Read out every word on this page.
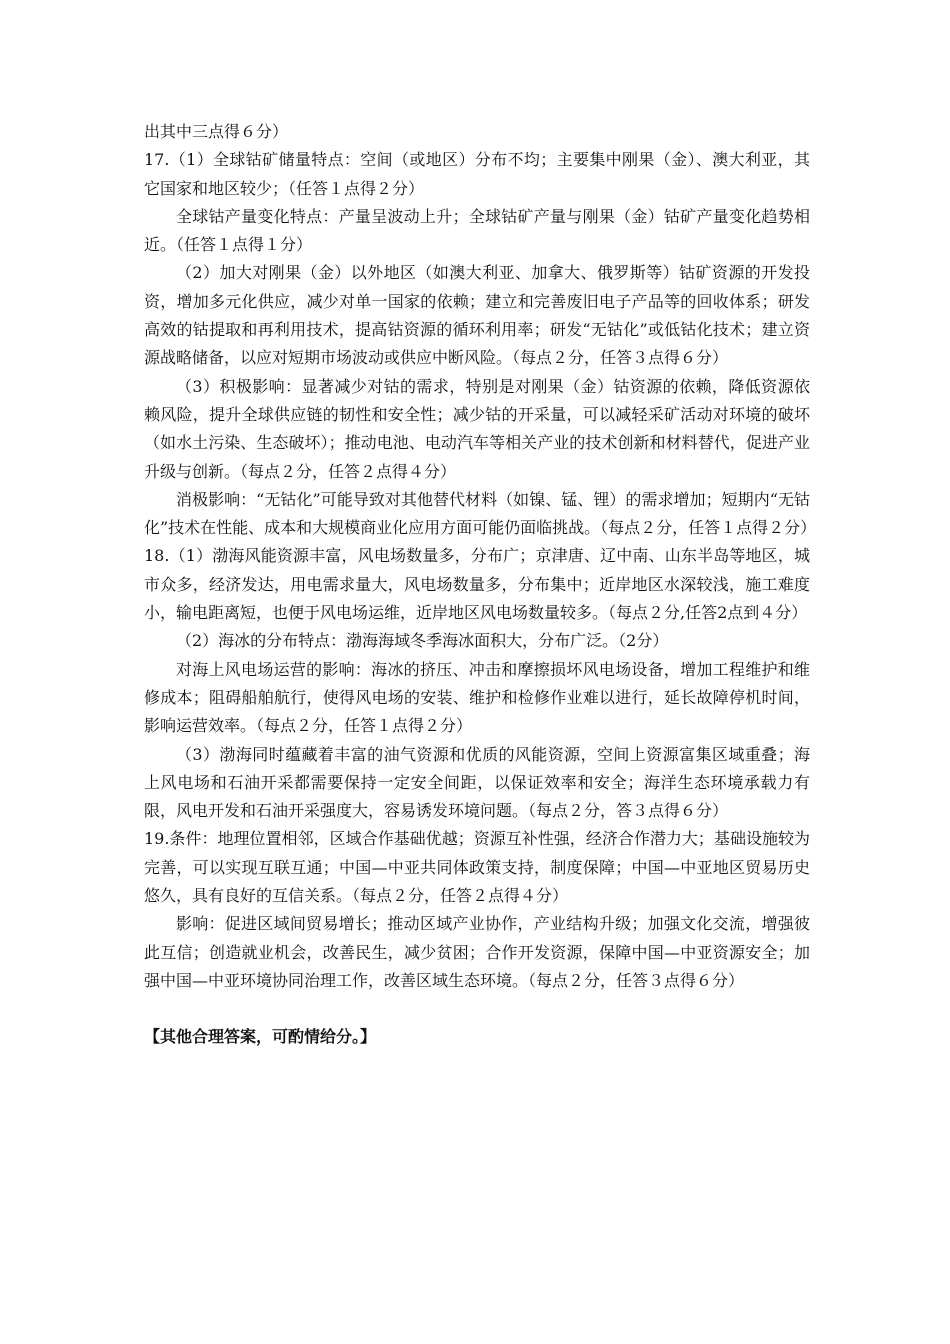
出其中三点得６分）

17.（1）全球钴矿储量特点：空间（或地区）分布不均；主要集中刚果（金）、澳大利亚，其它国家和地区较少；（任答１点得２分）

全球钴产量变化特点：产量呈波动上升；全球钴矿产量与刚果（金）钴矿产量变化趋势相近。（任答１点得１分）

（2）加大对刚果（金）以外地区（如澳大利亚、加拿大、俄罗斯等）钴矿资源的开发投资，增加多元化供应，减少对单一国家的依赖；建立和完善废旧电子产品等的回收体系；研发高效的钴提取和再利用技术，提高钴资源的循环利用率；研发“无钴化”或低钴化技术；建立资源战略储备，以应对短期市场波动或供应中断风险。（每点２分，任答３点得６分）

（3）积极影响：显著减少对钴的需求，特别是对刚果（金）钴资源的依赖，降低资源依赖风险，提升全球供应链的韧性和安全性；减少钴的开采量，可以减轻采矿活动对环境的破坏（如水土污染、生态破坏）；推动电池、电动汽车等相关产业的技术创新和材料替代，促进产业升级与创新。（每点２分，任答２点得４分）

消极影响：“无钴化”可能导致对其他替代材料（如镍、锰、锂）的需求增加；短期内“无钴化”技术在性能、成本和大规模商业化应用方面可能仍面临挑战。（每点２分，任答１点得２分）

18.（1）渤海风能资源丰富，风电场数量多，分布广；京津唐、辽中南、山东半岛等地区，城市众多，经济发达，用电需求量大，风电场数量多，分布集中；近岸地区水深较浅，施工难度小，输电距离短，也便于风电场运维，近岸地区风电场数量较多。（每点２分,任答2点到４分）

（2）海冰的分布特点：渤海海域冬季海冰面积大，分布广泛。（2分）

对海上风电场运营的影响：海冰的挤压、冲击和摩擦损坏风电场设备，增加工程维护和维修成本；阻碍船舶航行，使得风电场的安装、维护和检修作业难以进行，延长故障停机时间，影响运营效率。（每点２分，任答１点得２分）

（3）渤海同时蕴藏着丰富的油气资源和优质的风能资源，空间上资源富集区域重叠；海上风电场和石油开采都需要保持一定安全间距，以保证效率和安全；海洋生态环境承载力有限，风电开发和石油开采强度大，容易诱发环境问题。（每点２分，答３点得６分）

19.条件：地理位置相邻，区域合作基础优越；资源互补性强，经济合作潜力大；基础设施较为完善，可以实现互联互通；中国—中亚共同体政策支持，制度保障；中国—中亚地区贸易历史悠久，具有良好的互信关系。（每点２分，任答２点得４分）

影响：促进区域间贸易增长；推动区域产业协作，产业结构升级；加强文化交流，增强彼此互信；创造就业机会，改善民生，减少贫困；合作开发资源，保障中国—中亚资源安全；加强中国—中亚环境协同治理工作，改善区域生态环境。（每点２分，任答３点得６分）

【其他合理答案，可酌情给分。】
